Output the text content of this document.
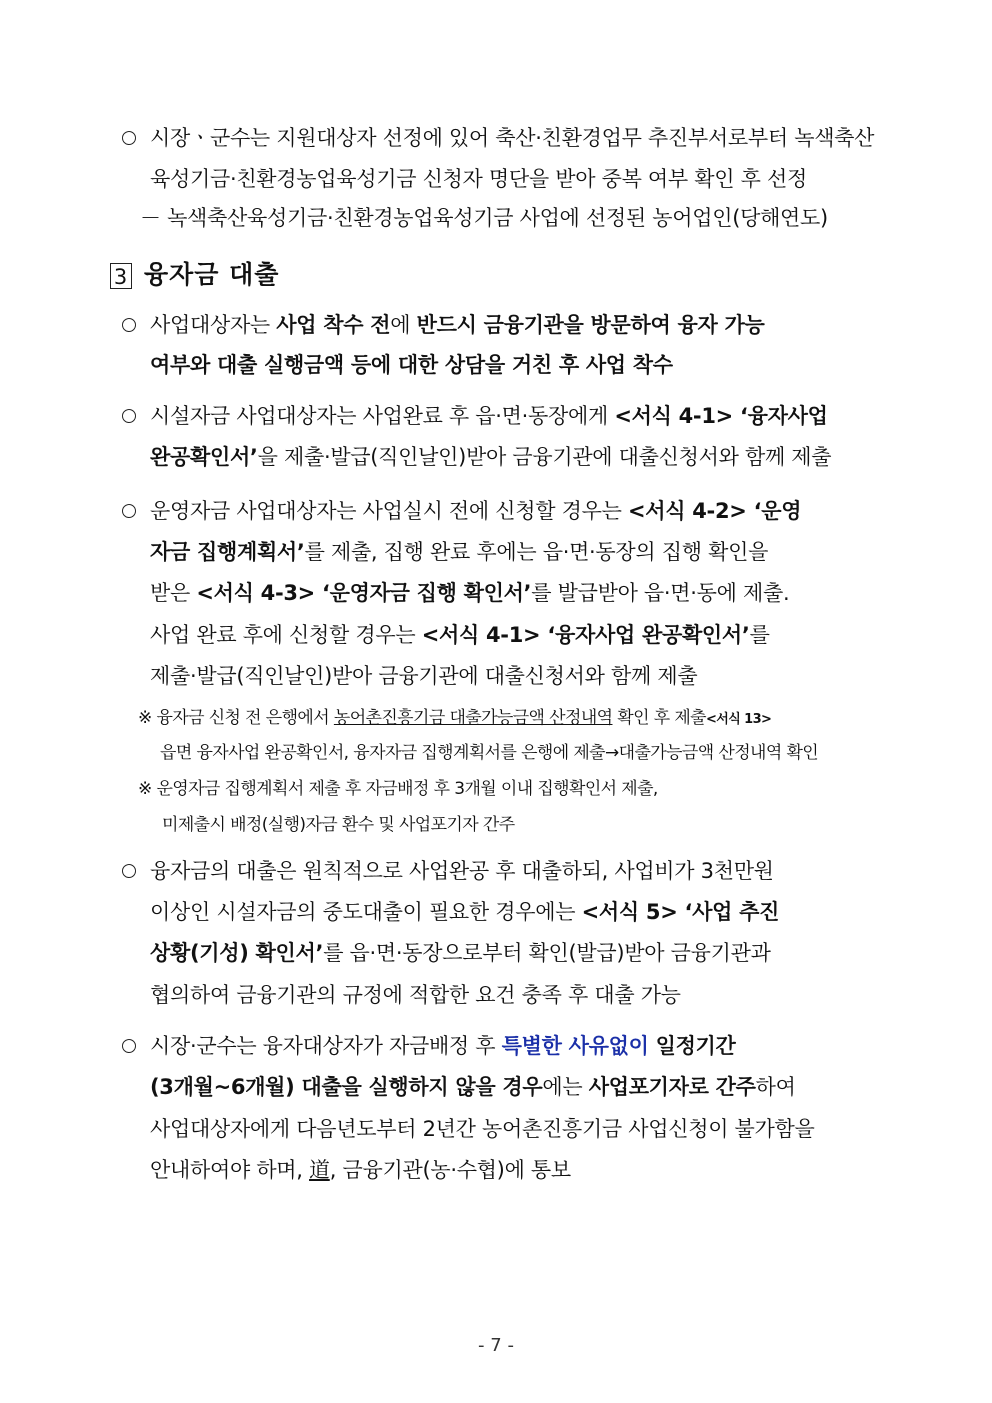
시장ㆍ군수는 지원대상자 선정에 있어 축산·친환경업무 추진부서로부터 녹색축산
육성기금·친환경농업육성기금 신청자 명단을 받아 중복 여부 확인 후 선정
－ 녹색축산육성기금·친환경농업육성기금 사업에 선정된 농어업인(당해연도)
3 융자금 대출
사업대상자는 사업 착수 전에 반드시 금융기관을 방문하여 융자 가능
여부와 대출 실행금액 등에 대한 상담을 거친 후 사업 착수
시설자금 사업대상자는 사업완료 후 읍·면·동장에게 <서식 4-1> ‘융자사업
완공확인서’을 제출·발급(직인날인)받아 금융기관에 대출신청서와 함께 제출
운영자금 사업대상자는 사업실시 전에 신청할 경우는 <서식 4-2> ‘운영
자금 집행계획서’를 제출, 집행 완료 후에는 읍·면·동장의 집행 확인을
받은 <서식 4-3> ‘운영자금 집행 확인서’를 발급받아 읍·면·동에 제출.
사업 완료 후에 신청할 경우는 <서식 4-1> ‘융자사업 완공확인서’를
제출·발급(직인날인)받아 금융기관에 대출신청서와 함께 제출
※ 융자금 신청 전 은행에서 농어촌진흥기금 대출가능금액 산정내역 확인 후 제출<서식 13>
읍면 융자사업 완공확인서, 융자자금 집행계획서를 은행에 제출→대출가능금액 산정내역 확인
※ 운영자금 집행계획서 제출 후 자금배정 후 3개월 이내 집행확인서 제출,
미제출시 배정(실행)자금 환수 및 사업포기자 간주
융자금의 대출은 원칙적으로 사업완공 후 대출하되, 사업비가 3천만원
이상인 시설자금의 중도대출이 필요한 경우에는 <서식 5> ‘사업 추진
상황(기성) 확인서’를 읍·면·동장으로부터 확인(발급)받아 금융기관과
협의하여 금융기관의 규정에 적합한 요건 충족 후 대출 가능
시장·군수는 융자대상자가 자금배정 후 특별한 사유없이 일정기간
(3개월~6개월) 대출을 실행하지 않을 경우에는 사업포기자로 간주하여
사업대상자에게 다음년도부터 2년간 농어촌진흥기금 사업신청이 불가함을
안내하여야 하며, 道, 금융기관(농·수협)에 통보
- 7 -
